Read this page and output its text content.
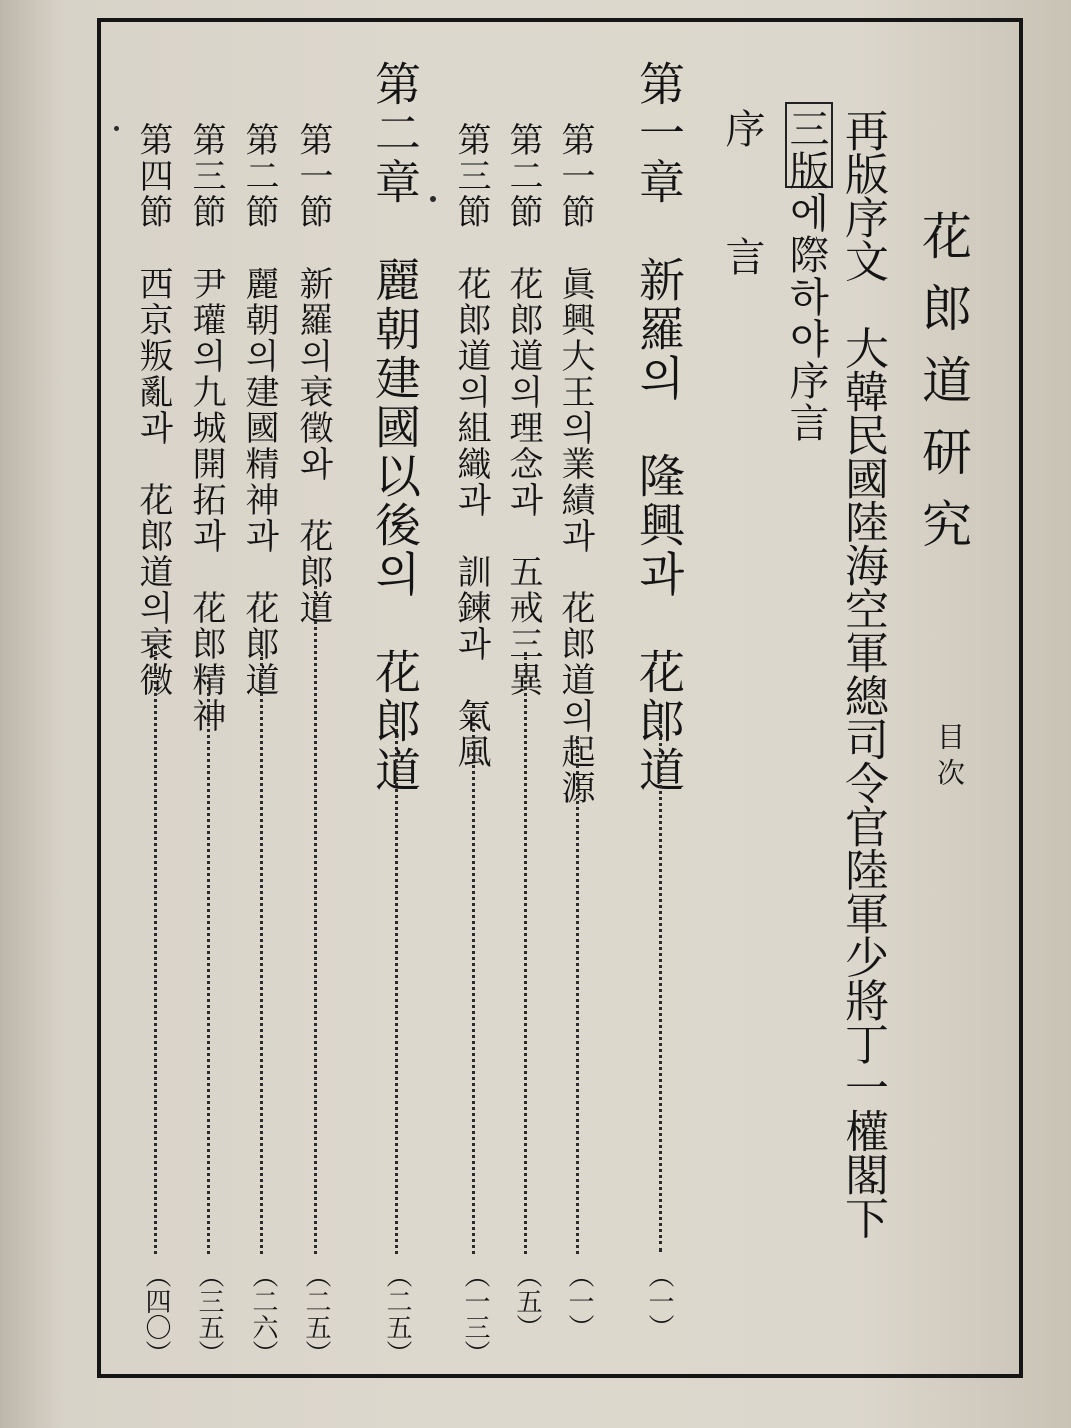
花郎道研究
目次
再版序文　大韓民國陸海空軍總司令官陸軍少將丁一權閣下
三版에際하야序言
序　言
第一章　新羅의　隆興과　花郎道
第一節　眞興大王의業績과　花郎道의起源
第二節　花郎道의理念과　五戒三異
第三節　花郎道의組織과　訓鍊과　氣風
第二章　麗朝建國以後의　花郎道
第一節　新羅의衰徵와　花郎道
第二節　麗朝의建國精神과　花郎道
第三節　尹瓘의九城開拓과　花郎精神
第四節　西京叛亂과　花郎道의衰微
（一）
（一）
（五）
（一三）
（二五）
（二五）
（二六）
（三五）
（四〇）
